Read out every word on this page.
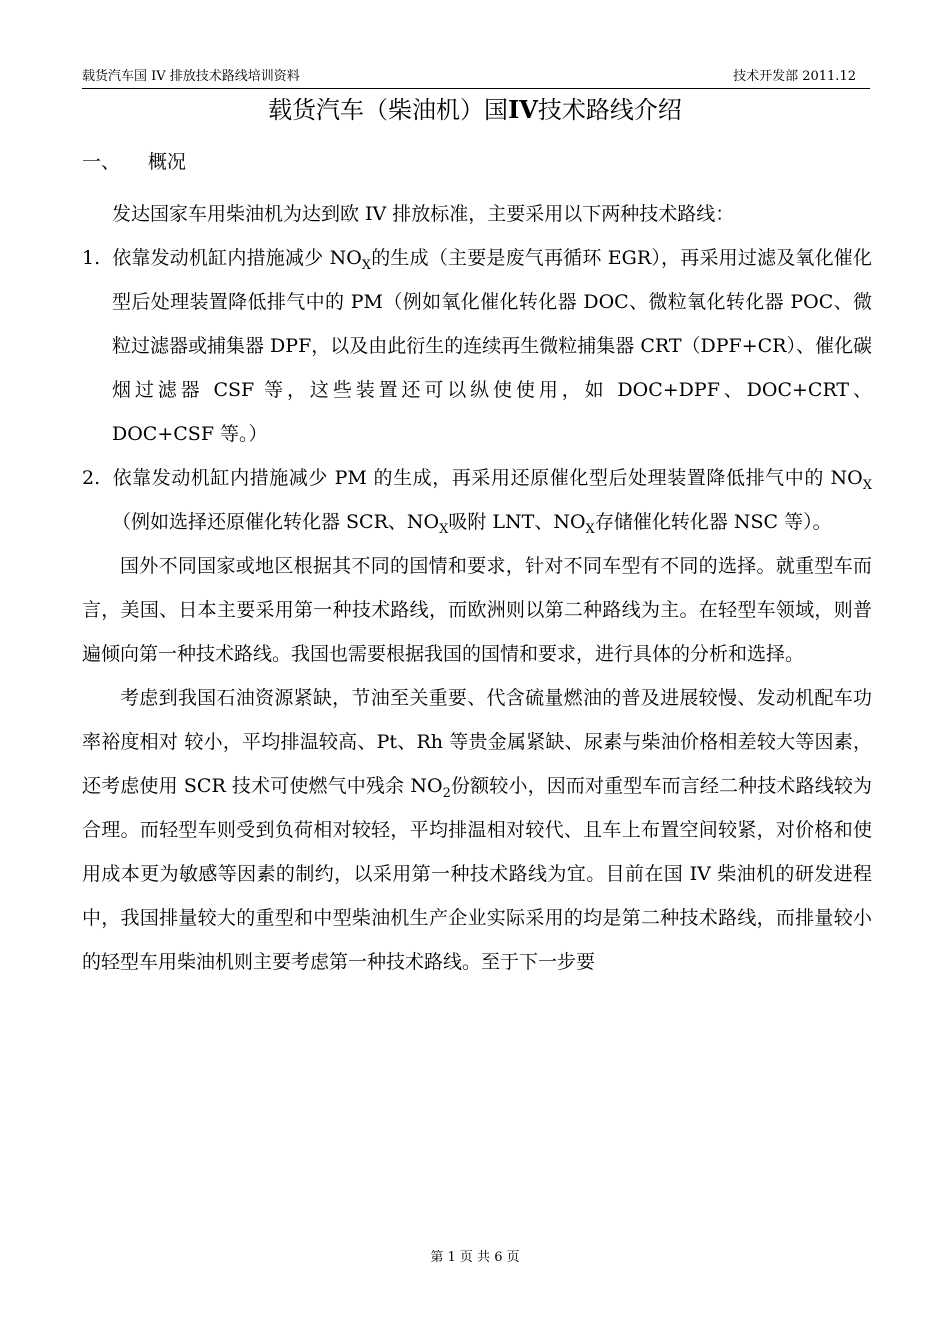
载货汽车国 IV 排放技术路线培训资料	技术开发部 2011.12
载货汽车（柴油机）国IV技术路线介绍
一、 概况

发达国家车用柴油机为达到欧 IV 排放标准，主要采用以下两种技术路线：

1. 依靠发动机缸内措施减少 $NO_X$的生成（主要是废气再循环 EGR），再采用过滤及氧化催化型后处理装置降低排气中的 PM（例如氧化催化转化器 DOC、微粒氧化转化器 POC、微粒过滤器或捕集器 DPF，以及由此衍生的连续再生微粒捕集器 CRT（DPF+CR）、催化碳烟过滤器 CSF 等，这些装置还可以纵使使用，如 DOC+DPF、DOC+CRT、DOC+CSF 等。）

2. 依靠发动机缸内措施减少 PM 的生成，再采用还原催化型后处理装置降低排气中的 $NO_X$（例如选择还原催化转化器 SCR、$NO_X$吸附 LNT、$NO_X$存储催化转化器 NSC 等）。

国外不同国家或地区根据其不同的国情和要求，针对不同车型有不同的选择。就重型车而言，美国、日本主要采用第一种技术路线，而欧洲则以第二种路线为主。在轻型车领域，则普遍倾向第一种技术路线。我国也需要根据我国的国情和要求，进行具体的分析和选择。

考虑到我国石油资源紧缺，节油至关重要、代含硫量燃油的普及进展较慢、发动机配车功率裕度相对 较小，平均排温较高、Pt、Rh 等贵金属紧缺、尿素与柴油价格相差较大等因素，还考虑使用 SCR 技术可使燃气中残余 $NO_2$份额较小，因而对重型车而言经二种技术路线较为合理。而轻型车则受到负荷相对较轻，平均排温相对较代、且车上布置空间较紧，对价格和使用成本更为敏感等因素的制约，以采用第一种技术路线为宜。目前在国 IV 柴油机的研发进程中，我国排量较大的重型和中型柴油机生产企业实际采用的均是第二种技术路线，而排量较小的轻型车用柴油机则主要考虑第一种技术路线。至于下一步要

第 1 页 共 6 页
